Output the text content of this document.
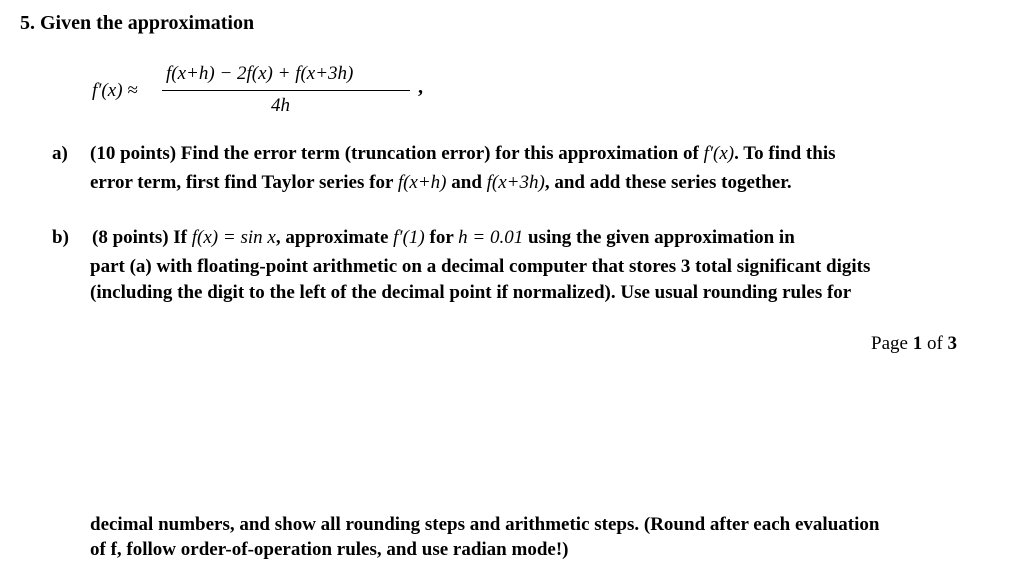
5. Given the approximation
f′(x) ≈
f(x+h) − 2f(x) + f(x+3h)
4h
,
a) (10 points) Find the error term (truncation error) for this approximation of f′(x). To find this
error term, first find Taylor series for f(x+h) and f(x+3h), and add these series together.
b) (8 points) If f(x) = sin x, approximate f′(1) for h = 0.01 using the given approximation in
part (a) with floating-point arithmetic on a decimal computer that stores 3 total significant digits
(including the digit to the left of the decimal point if normalized). Use usual rounding rules for
Page 1 of 3
decimal numbers, and show all rounding steps and arithmetic steps. (Round after each evaluation
of f, follow order-of-operation rules, and use radian mode!)
